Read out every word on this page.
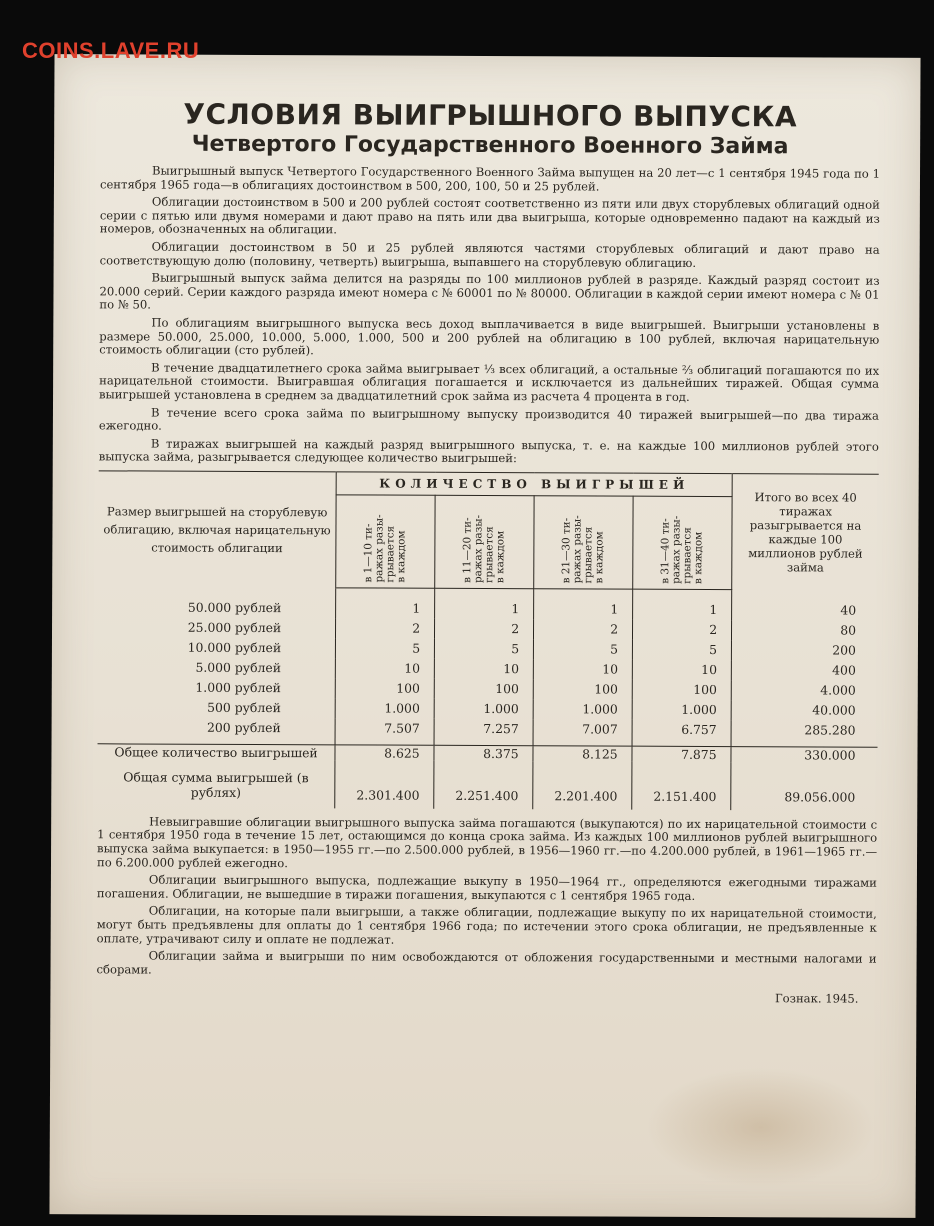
COINS.LAVE.RU
УСЛОВИЯ ВЫИГРЫШНОГО ВЫПУСКА
Четвертого Государственного Военного Займа

Выигрышный выпуск Четвертого Государственного Военного Займа выпущен на 20 лет—с 1 сентября 1945 года по 1 сентября 1965 года—в облигациях достоинством в 500, 200, 100, 50 и 25 рублей.

Облигации достоинством в 500 и 200 рублей состоят соответственно из пяти или двух сторублевых облигаций одной серии с пятью или двумя номерами и дают право на пять или два выигрыша, которые одновременно падают на каждый из номеров, обозначенных на облигации.

Облигации достоинством в 50 и 25 рублей являются частями сторублевых облигаций и дают право на соответствующую долю (половину, четверть) выигрыша, выпавшего на сторублевую облигацию.

Выигрышный выпуск займа делится на разряды по 100 миллионов рублей в разряде. Каждый разряд состоит из 20.000 серий. Серии каждого разряда имеют номера с № 60001 по № 80000. Облигации в каждой серии имеют номера с № 01 по № 50.

По облигациям выигрышного выпуска весь доход выплачивается в виде выигрышей. Выигрыши установлены в размере 50.000, 25.000, 10.000, 5.000, 1.000, 500 и 200 рублей на облигацию в 100 рублей, включая нарицательную стоимость облигации (сто рублей).

В течение двадцатилетнего срока займа выигрывает ⅓ всех облигаций, а остальные ⅔ облигаций погашаются по их нарицательной стоимости. Выигравшая облигация погашается и исключается из дальнейших тиражей. Общая сумма выигрышей установлена в среднем за двадцатилетний срок займа из расчета 4 процента в год.

В течение всего срока займа по выигрышному выпуску производится 40 тиражей выигрышей—по два тиража ежегодно.

В тиражах выигрышей на каждый разряд выигрышного выпуска, т. е. на каждые 100 миллионов рублей этого выпуска займа, разыгрывается следующее количество выигрышей:

Размер выигрышей на сторублевую облигацию, включая нарицательную стоимость облигации	КОЛИЧЕСТВО ВЫИГРЫШЕЙ				Итого во всех 40 тиражах разыгрывается на каждые 100 миллионов рублей займа

	в 1—10 ти-
ражах разы-
грывается
в каждом	в 11—20 ти-
ражах разы-
грывается
в каждом	в 21—30 ти-
ражах разы-
грывается
в каждом	в 31—40 ти-
ражах разы-
грывается
в каждом	

50.000 рублей	1	1	1	1	40
25.000 рублей	2	2	2	2	80
10.000 рублей	5	5	5	5	200
5.000 рублей	10	10	10	10	400
1.000 рублей	100	100	100	100	4.000
500 рублей	1.000	1.000	1.000	1.000	40.000
200 рублей	7.507	7.257	7.007	6.757	285.280
Общее количество выигрышей	8.625	8.375	8.125	7.875	330.000
Общая сумма выигрышей (в рублях)	2.301.400	2.251.400	2.201.400	2.151.400	89.056.000

Невыигравшие облигации выигрышного выпуска займа погашаются (выкупаются) по их нарицательной стоимости с 1 сентября 1950 года в течение 15 лет, остающимся до конца срока займа. Из каждых 100 миллионов рублей выигрышного выпуска займа выкупается: в 1950—1955 гг.—по 2.500.000 рублей, в 1956—1960 гг.—по 4.200.000 рублей, в 1961—1965 гг.—по 6.200.000 рублей ежегодно.

Облигации выигрышного выпуска, подлежащие выкупу в 1950—1964 гг., определяются ежегодными тиражами погашения. Облигации, не вышедшие в тиражи погашения, выкупаются с 1 сентября 1965 года.

Облигации, на которые пали выигрыши, а также облигации, подлежащие выкупу по их нарицательной стоимости, могут быть предъявлены для оплаты до 1 сентября 1966 года; по истечении этого срока облигации, не предъявленные к оплате, утрачивают силу и оплате не подлежат.

Облигации займа и выигрыши по ним освобождаются от обложения государственными и местными налогами и сборами.

Гознак. 1945.
